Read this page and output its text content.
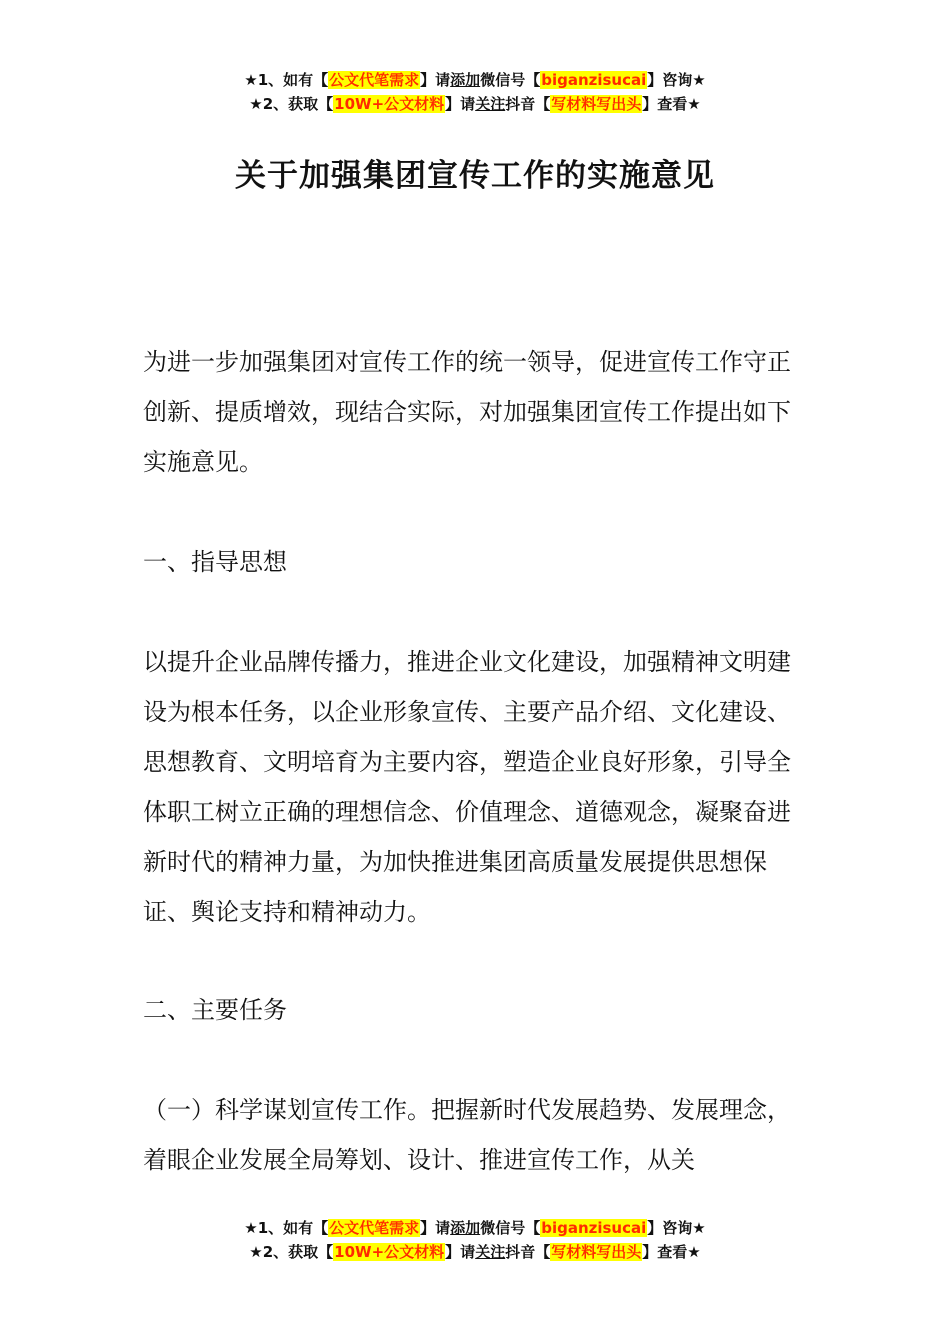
★1、如有【公文代笔需求】请添加微信号【biganzisucai】咨询★
★2、获取【10W+公文材料】请关注抖音【写材料写出头】查看★
关于加强集团宣传工作的实施意见

为进一步加强集团对宣传工作的统一领导，促进宣传工作守正创新、提质增效，现结合实际，对加强集团宣传工作提出如下实施意见。

一、指导思想

以提升企业品牌传播力，推进企业文化建设，加强精神文明建设为根本任务，以企业形象宣传、主要产品介绍、文化建设、思想教育、文明培育为主要内容，塑造企业良好形象，引导全体职工树立正确的理想信念、价值理念、道德观念，凝聚奋进新时代的精神力量，为加快推进集团高质量发展提供思想保证、舆论支持和精神动力。

二、主要任务

（一）科学谋划宣传工作。把握新时代发展趋势、发展理念，着眼企业发展全局筹划、设计、推进宣传工作，从关

★1、如有【公文代笔需求】请添加微信号【biganzisucai】咨询★
★2、获取【10W+公文材料】请关注抖音【写材料写出头】查看★
